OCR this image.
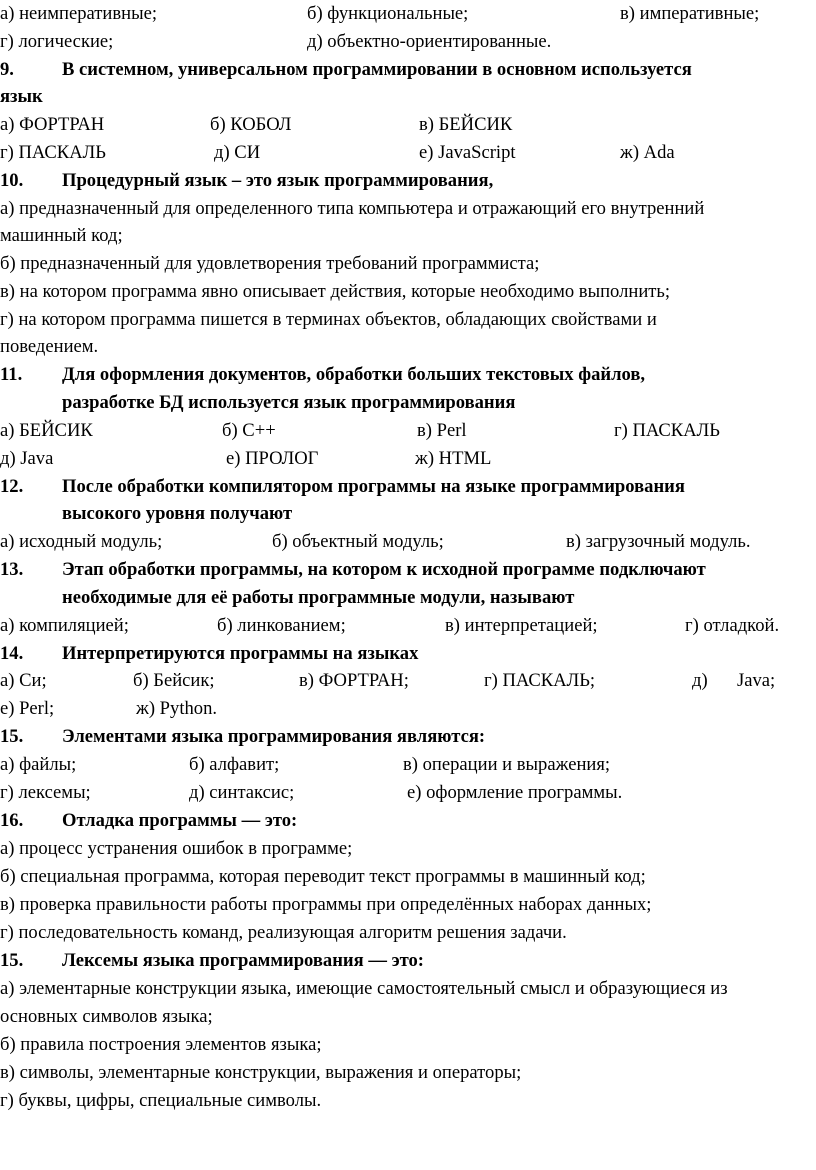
а) неимперативные;	б) функциональные;	в) императивные;
г) логические;	д) объектно-ориентированные.
9.	В системном, универсальном программировании в основном используется
язык
а) ФОРТРАН	б) КОБОЛ	в) БЕЙСИК
г) ПАСКАЛЬ	д) СИ	е) JavaScript	ж) Ada
10. Процедурный язык – это язык программирования,
а) предназначенный для определенного типа компьютера и отражающий его внутренний
машинный код;
б) предназначенный для удовлетворения требований программиста;
в) на котором программа явно описывает действия, которые необходимо выполнить;
г) на котором программа пишется в терминах объектов, обладающих свойствами и
поведением.
11. Для оформления документов, обработки больших текстовых файлов,
разработке БД используется язык программирования
а) БЕЙСИК	б) С++	в) Perl	г) ПАСКАЛЬ
д) Java	е) ПРОЛОГ	ж) HTML
12. После обработки компилятором программы на языке программирования
высокого уровня получают
а) исходный модуль;	б) объектный модуль;	в) загрузочный модуль.
13. Этап обработки программы, на котором к исходной программе подключают
необходимые для её работы программные модули, называют
а) компиляцией;	б) линкованием;	в) интерпретацией;	г) отладкой.
14. Интерпретируются программы на языках
а) Си;	б) Бейсик;	в) ФОРТРАН;	г) ПАСКАЛЬ;	д) Java;
е) Perl;	ж) Python.
15. Элементами языка программирования являются:
а) файлы;	б) алфавит;	в) операции и выражения;
г) лексемы;	д) синтаксис;	е) оформление программы.
16. Отладка программы — это:
а) процесс устранения ошибок в программе;
б) специальная программа, которая переводит текст программы в машинный код;
в) проверка правильности работы программы при определённых наборах данных;
г) последовательность команд, реализующая алгоритм решения задачи.
15. Лексемы языка программирования — это:
а) элементарные конструкции языка, имеющие самостоятельный смысл и образующиеся из
основных символов языка;
б) правила построения элементов языка;
в) символы, элементарные конструкции, выражения и операторы;
г) буквы, цифры, специальные символы.
